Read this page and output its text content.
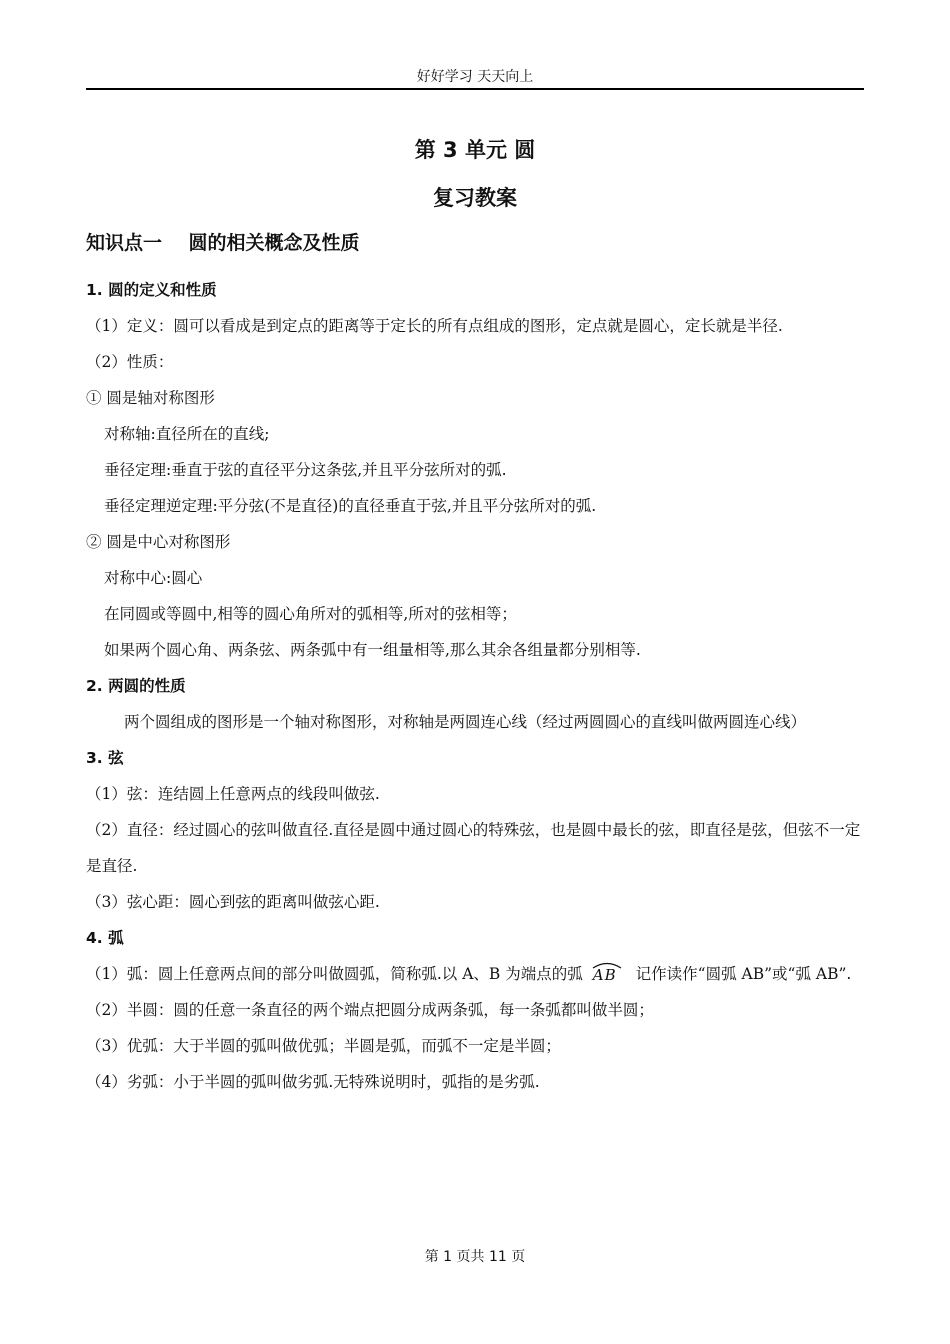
好好学习 天天向上
第 3 单元 圆
复习教案
知识点一    圆的相关概念及性质
1. 圆的定义和性质
（1）定义：圆可以看成是到定点的距离等于定长的所有点组成的图形，定点就是圆心，定长就是半径.
（2）性质：
① 圆是轴对称图形
对称轴:直径所在的直线;
垂径定理:垂直于弦的直径平分这条弦,并且平分弦所对的弧.
垂径定理逆定理:平分弦(不是直径)的直径垂直于弦,并且平分弦所对的弧.
② 圆是中心对称图形
对称中心:圆心
在同圆或等圆中,相等的圆心角所对的弧相等,所对的弦相等；
如果两个圆心角、两条弦、两条弧中有一组量相等,那么其余各组量都分别相等.
2. 两圆的性质
两个圆组成的图形是一个轴对称图形，对称轴是两圆连心线（经过两圆圆心的直线叫做两圆连心线）
3. 弦
（1）弦：连结圆上任意两点的线段叫做弦.
（2）直径：经过圆心的弦叫做直径.直径是圆中通过圆心的特殊弦，也是圆中最长的弦，即直径是弦，但弦不一定是直径.
（3）弦心距：圆心到弦的距离叫做弦心距.
4. 弧
（1）弧：圆上任意两点间的部分叫做圆弧，简称弧.以 A、B 为端点的弧 AB 记作读作“圆弧 AB”或“弧 AB”.
（2）半圆：圆的任意一条直径的两个端点把圆分成两条弧，每一条弧都叫做半圆；
（3）优弧：大于半圆的弧叫做优弧；半圆是弧，而弧不一定是半圆；
（4）劣弧：小于半圆的弧叫做劣弧.无特殊说明时，弧指的是劣弧.
第 1 页共 11 页
